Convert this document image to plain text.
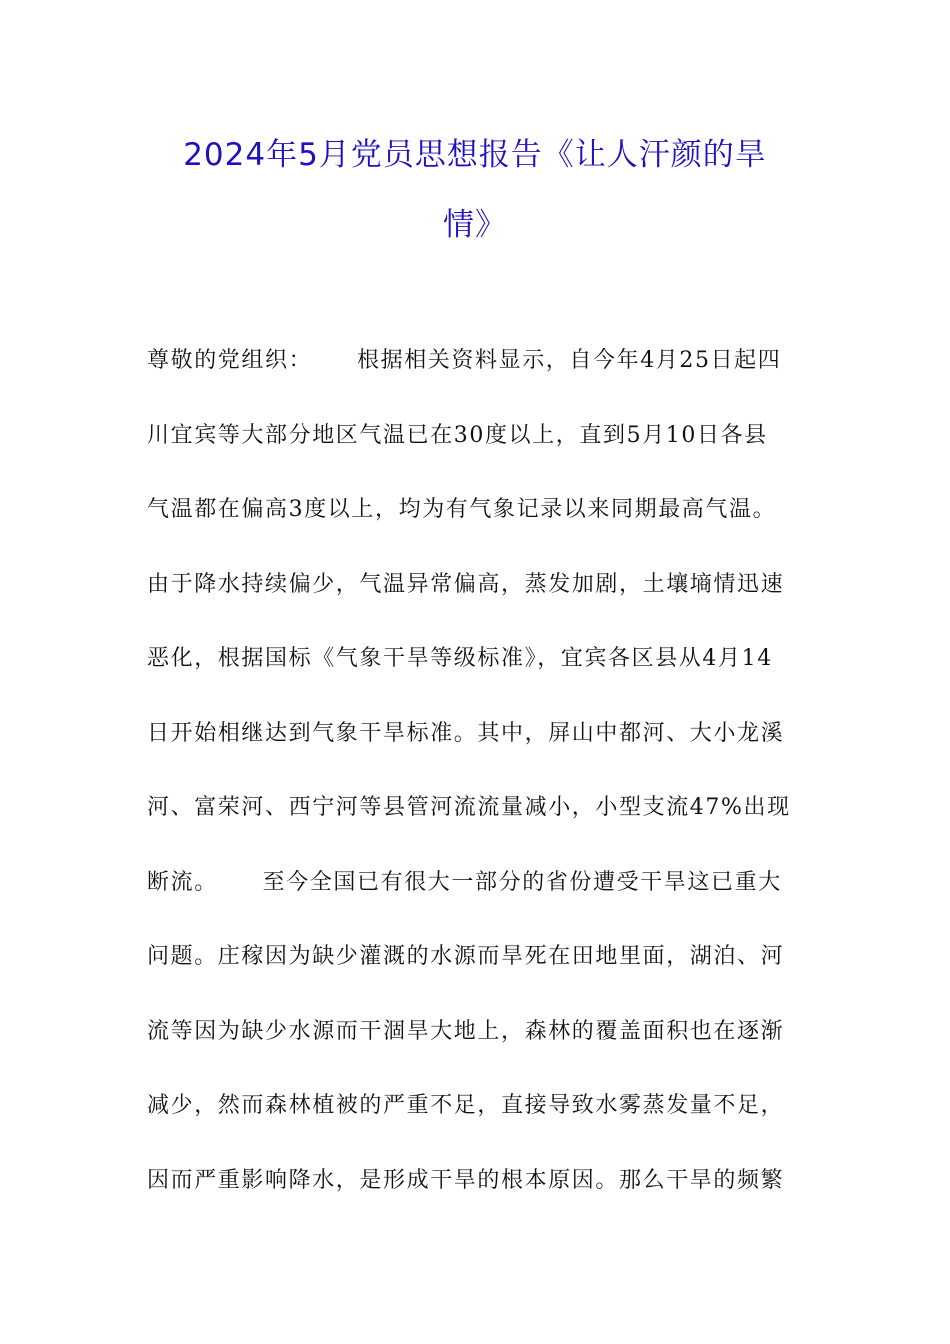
2024年5月党员思想报告《让人汗颜的旱
情》
尊敬的党组织：　　 根据相关资料显示，自今年4月25日起四
川宜宾等大部分地区气温已在30度以上，直到5月10日各县
气温都在偏高3度以上，均为有气象记录以来同期最高气温。
由于降水持续偏少，气温异常偏高，蒸发加剧，土壤墒情迅速
恶化，根据国标《气象干旱等级标准》，宜宾各区县从4月14
日开始相继达到气象干旱标准。其中，屏山中都河、大小龙溪
河、富荣河、西宁河等县管河流流量减小，小型支流47%出现
断流。　　 至今全国已有很大一部分的省份遭受干旱这已重大
问题。庄稼因为缺少灌溉的水源而旱死在田地里面，湖泊、河
流等因为缺少水源而干涸旱大地上，森林的覆盖面积也在逐渐
减少，然而森林植被的严重不足，直接导致水雾蒸发量不足，
因而严重影响降水，是形成干旱的根本原因。那么干旱的频繁
